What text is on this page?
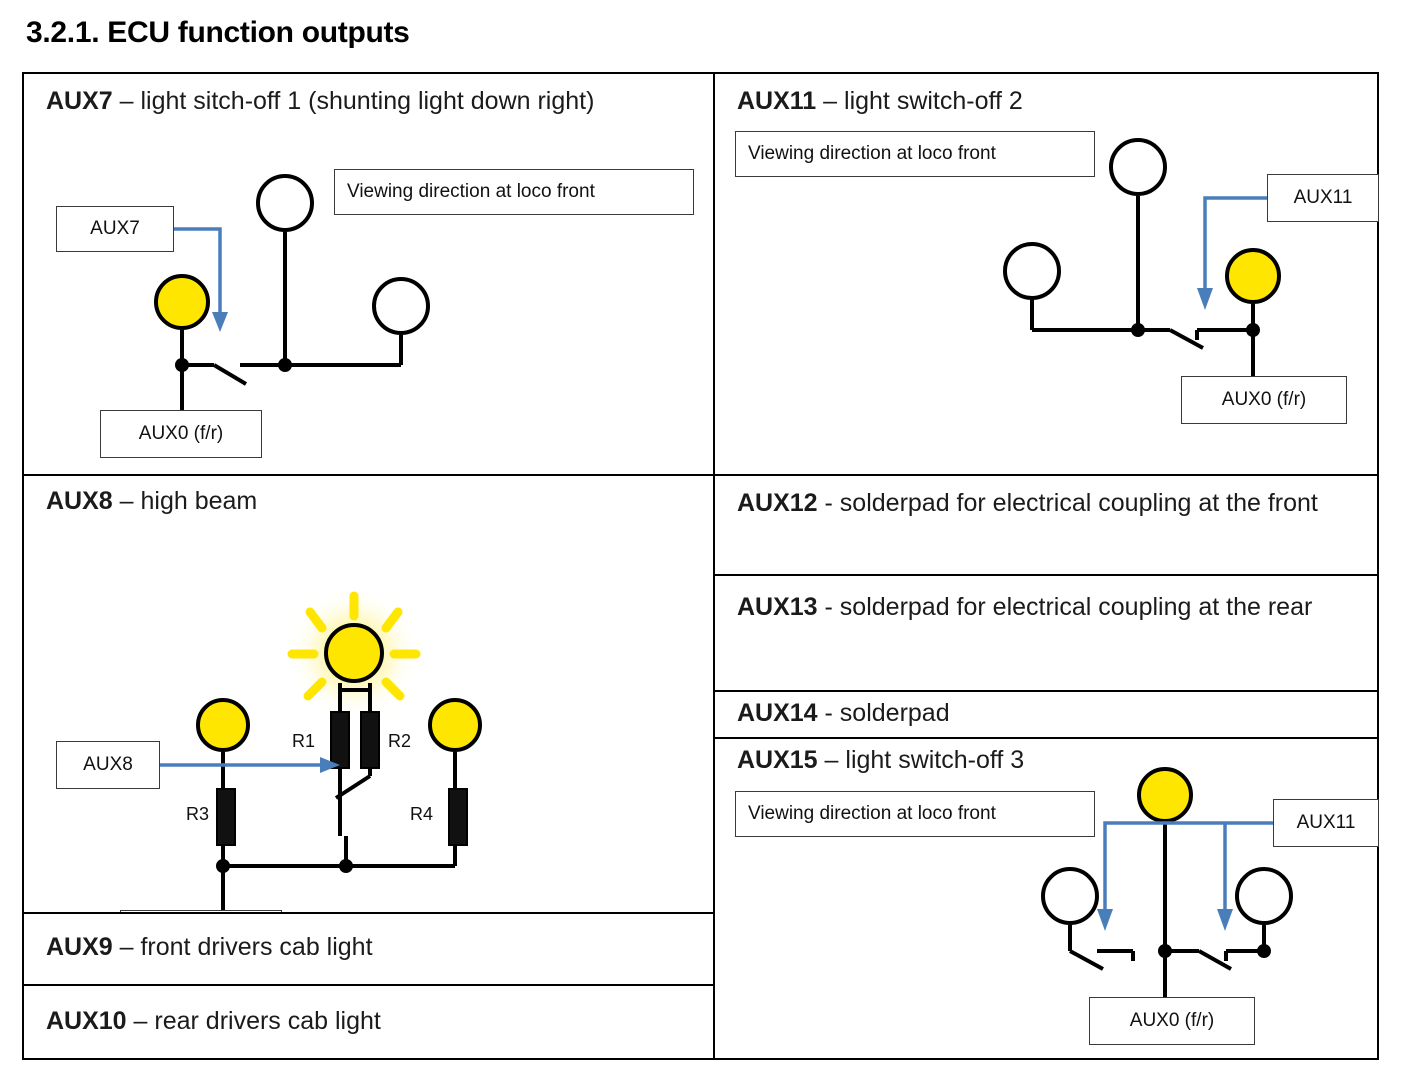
3.2.1. ECU function outputs
AUX7 – light sitch-off 1 (shunting light down right)
Viewing direction at loco front
AUX7
AUX0 (f/r)
AUX8 – high beam
AUX8
R1	R2
R3	R4
AUX9 – front drivers cab light
AUX10 – rear drivers cab light
AUX11 – light switch-off 2
Viewing direction at loco front
AUX11
AUX0 (f/r)
AUX12 - solderpad for electrical coupling at the front
AUX13 - solderpad for electrical coupling at the rear
AUX14 - solderpad
AUX15 – light switch-off 3
Viewing direction at loco front	AUX11
AUX0 (f/r)
